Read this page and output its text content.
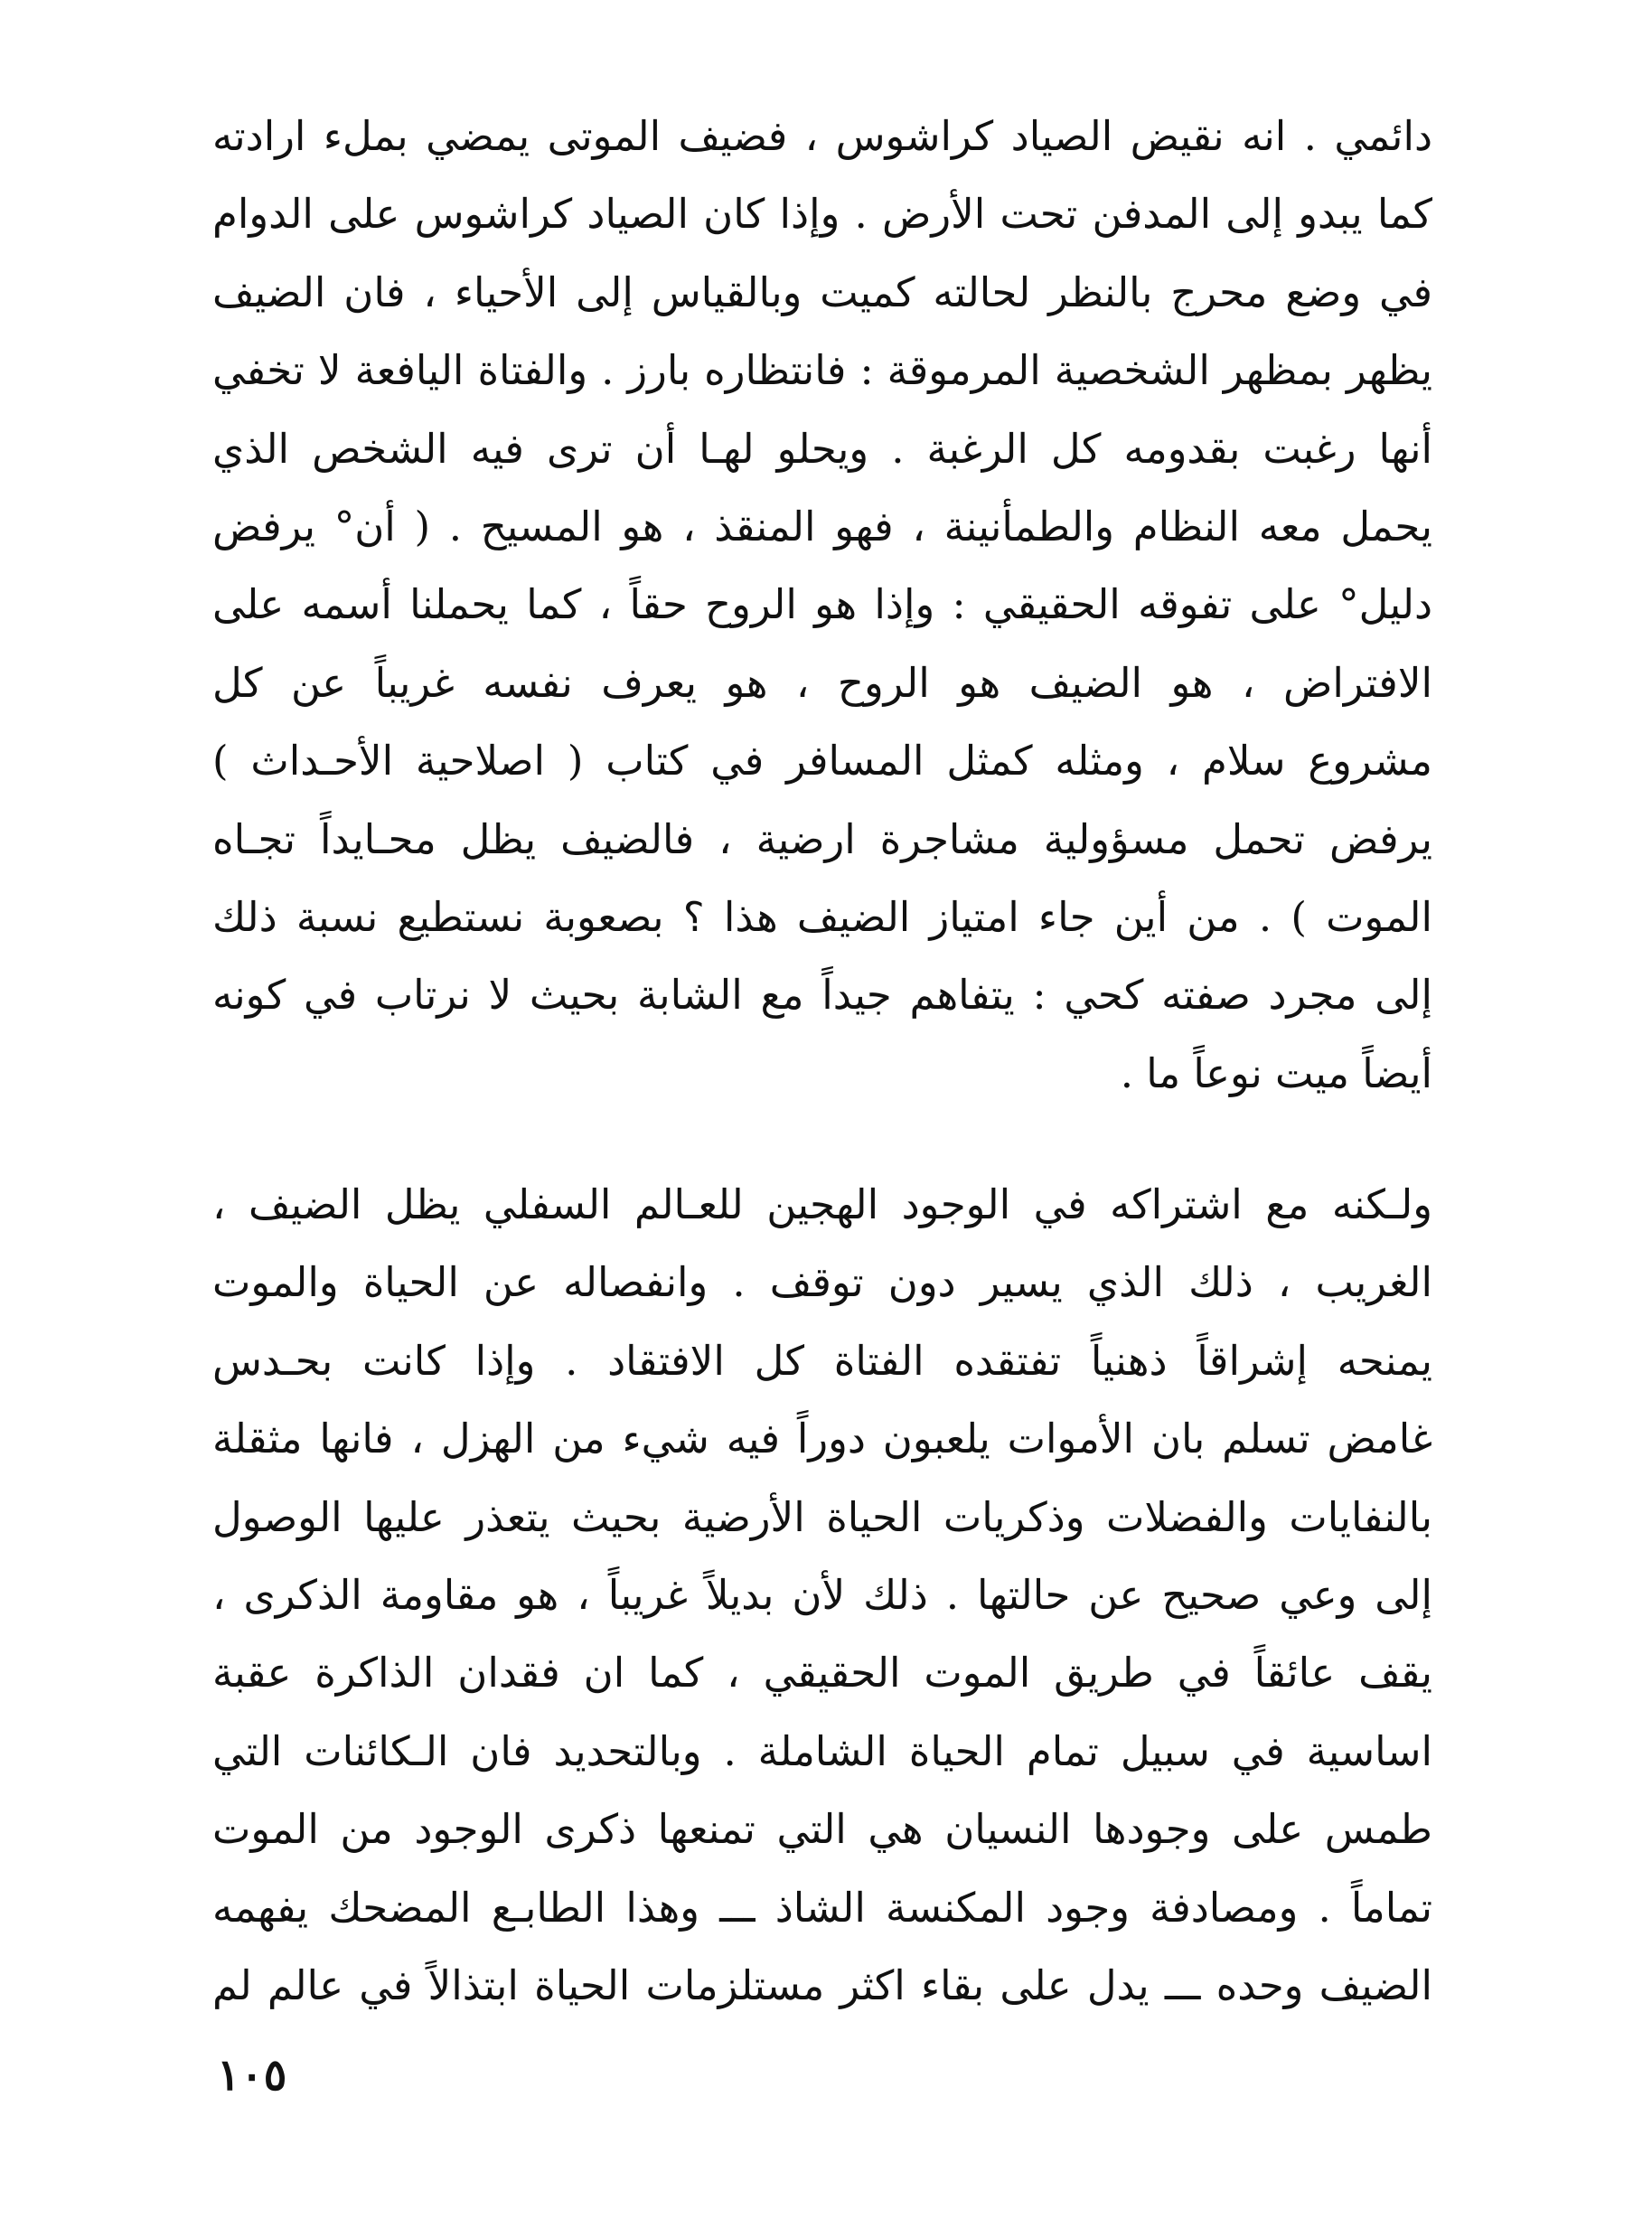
دائمي . انه نقيض الصياد كراشوس ، فضيف الموتى يمضي بملء ارادته
كما يبدو إلى المدفن تحت الأرض . وإذا كان الصياد كراشوس على الدوام
في وضع محرج بالنظر لحالته كميت وبالقياس إلى الأحياء ، فان الضيف
يظهر بمظهر الشخصية المرموقة : فانتظاره بارز . والفتاة اليافعة لا تخفي
أنها رغبت بقدومه كل الرغبة . ويحلو لهـا أن ترى فيه الشخص الذي
يحمل معه النظام والطمأنينة ، فهو المنقذ ، هو المسيح . ( أن° يرفض
دليل° على تفوقه الحقيقي : وإذا هو الروح حقاً ، كما يحملنا أسمه على
الافتراض ، هو الضيف هو الروح ، هو يعرف نفسه غريباً عن كل
مشروع سلام ، ومثله كمثل المسافر في كتاب ( اصلاحية الأحـداث )
يرفض تحمل مسؤولية مشاجرة ارضية ، فالضيف يظل محـايداً تجـاه
الموت ) . من أين جاء امتياز الضيف هذا ؟ بصعوبة نستطيع نسبة ذلك
إلى مجرد صفته كحي : يتفاهم جيداً مع الشابة بحيث لا نرتاب في كونه
أيضاً ميت نوعاً ما .
ولـكنه مع اشتراكه في الوجود الهجين للعـالم السفلي يظل الضيف ،
الغريب ، ذلك الذي يسير دون توقف . وانفصاله عن الحياة والموت
يمنحه إشراقاً ذهنياً تفتقده الفتاة كل الافتقاد . وإذا كانت بحـدس
غامض تسلم بان الأموات يلعبون دوراً فيه شيء من الهزل ، فانها مثقلة
بالنفايات والفضلات وذكريات الحياة الأرضية بحيث يتعذر عليها الوصول
إلى وعي صحيح عن حالتها . ذلك لأن بديلاً غريباً ، هو مقاومة الذكرى ،
يقف عائقاً في طريق الموت الحقيقي ، كما ان فقدان الذاكرة عقبة
اساسية في سبيل تمام الحياة الشاملة . وبالتحديد فان الـكائنات التي
طمس على وجودها النسيان هي التي تمنعها ذكرى الوجود من الموت
تماماً . ومصادفة وجود المكنسة الشاذ ـــ وهذا الطابـع المضحك يفهمه
الضيف وحده ـــ يدل على بقاء اكثر مستلزمات الحياة ابتذالاً في عالم لم
١٠٥
